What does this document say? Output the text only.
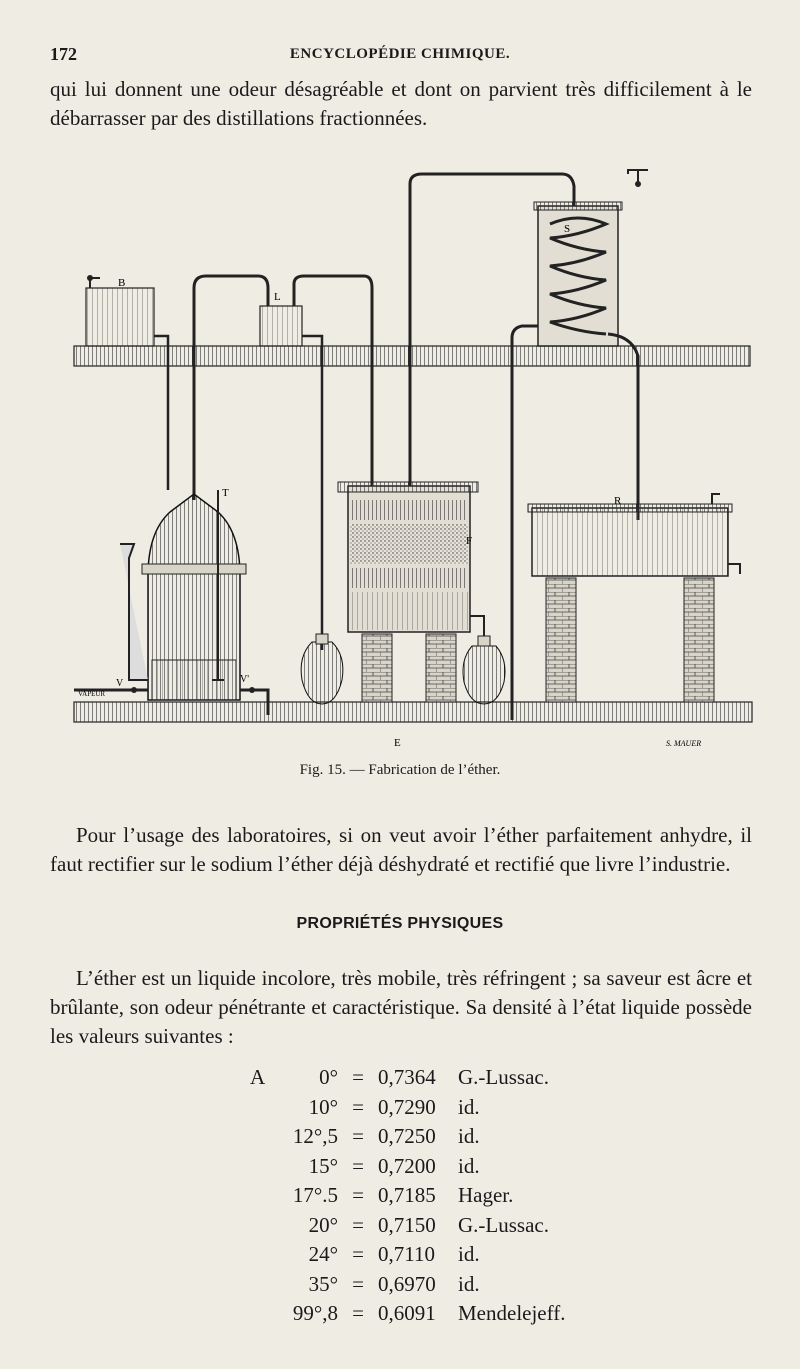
172	ENCYCLOPÉDIE CHIMIQUE.

qui lui donnent une odeur désagréable et dont on parvient très difficilement à le débarrasser par des distillations fractionnées.

B
L
S
T
F
R
V	V'
VAPEUR
E	S. MAUER
Fig. 15. — Fabrication de l’éther.

Pour l’usage des laboratoires, si on veut avoir l’éther parfaitement anhydre, il faut rectifier sur le sodium l’éther déjà déshydraté et rectifié que livre l’industrie.

PROPRIÉTÉS PHYSIQUES

L’éther est un liquide incolore, très mobile, très réfringent ; sa saveur est âcre et brûlante, son odeur pénétrante et caractéristique. Sa densité à l’état liquide possède les valeurs suivantes :

A	0° = 0,7364 G.-Lussac.
10° = 0,7290 id.
12°,5 = 0,7250 id.
15° = 0,7200 id.
17°.5 = 0,7185 Hager.
20° = 0,7150 G.-Lussac.
24° = 0,7110 id.
35° = 0,6970 id.
99°,8 = 0,6091 Mendelejeff.
